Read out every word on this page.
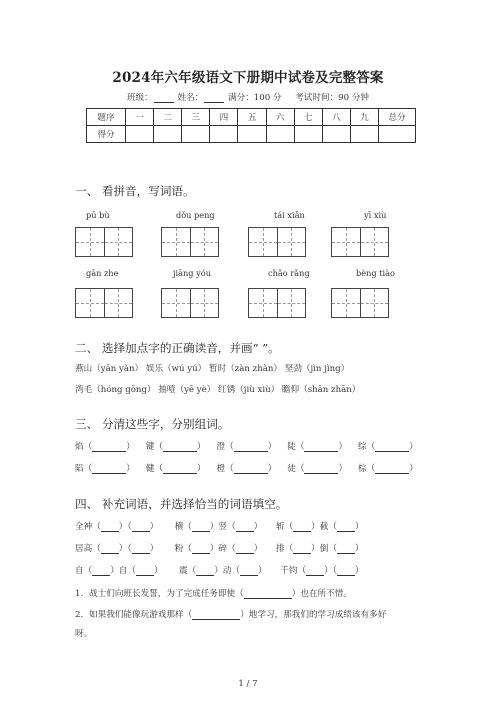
2024年六年级语文下册期中试卷及完整答案
班级：	姓名：	满分：100 分 考试时间：90 分钟
题序	一	二	三	四	五	六	七	八	九	总分
得分										
一、 看拼音，写词语。
pū bù	dǒu peng	tái xiǎn	yī xiù
gān zhe	jiāng yóu	chǎo rǎng	bèng tiào
二、 选择加点字的正确读音，并画“ ”。
燕山（yān yàn） 娱乐（wú yú） 暂时（zàn zhàn） 坚劲（jìn jìng）
湾毛（hóng gōng） 抽噎（yē yè） 红锈（jiù xiù） 瞻仰（shān zhān）
三、 分清这些字，分别组词。
焰（	） 键（	） 澄（	） 陡（	） 综（	）
陷（	） 健（	） 橙（	） 徒（	） 棕（	）
四、 补充词语，并选择恰当的词语填空。
全神（ ）（ ） 横（ ）竖（ ） 斩（ ）截（ ）
居高（ ）（ ） 粉（ ）碎（ ） 排（ ）倒（ ）
自（ ）自（ ） 震（ ）动（ ） 千钧（ ）（ ）
1．战士们向班长发誓，为了完成任务即使（	）也在所不惜。
2．如果我们能像玩游戏那样（	）地学习，那我们的学习成绩该有多好
呀。
1 / 7
